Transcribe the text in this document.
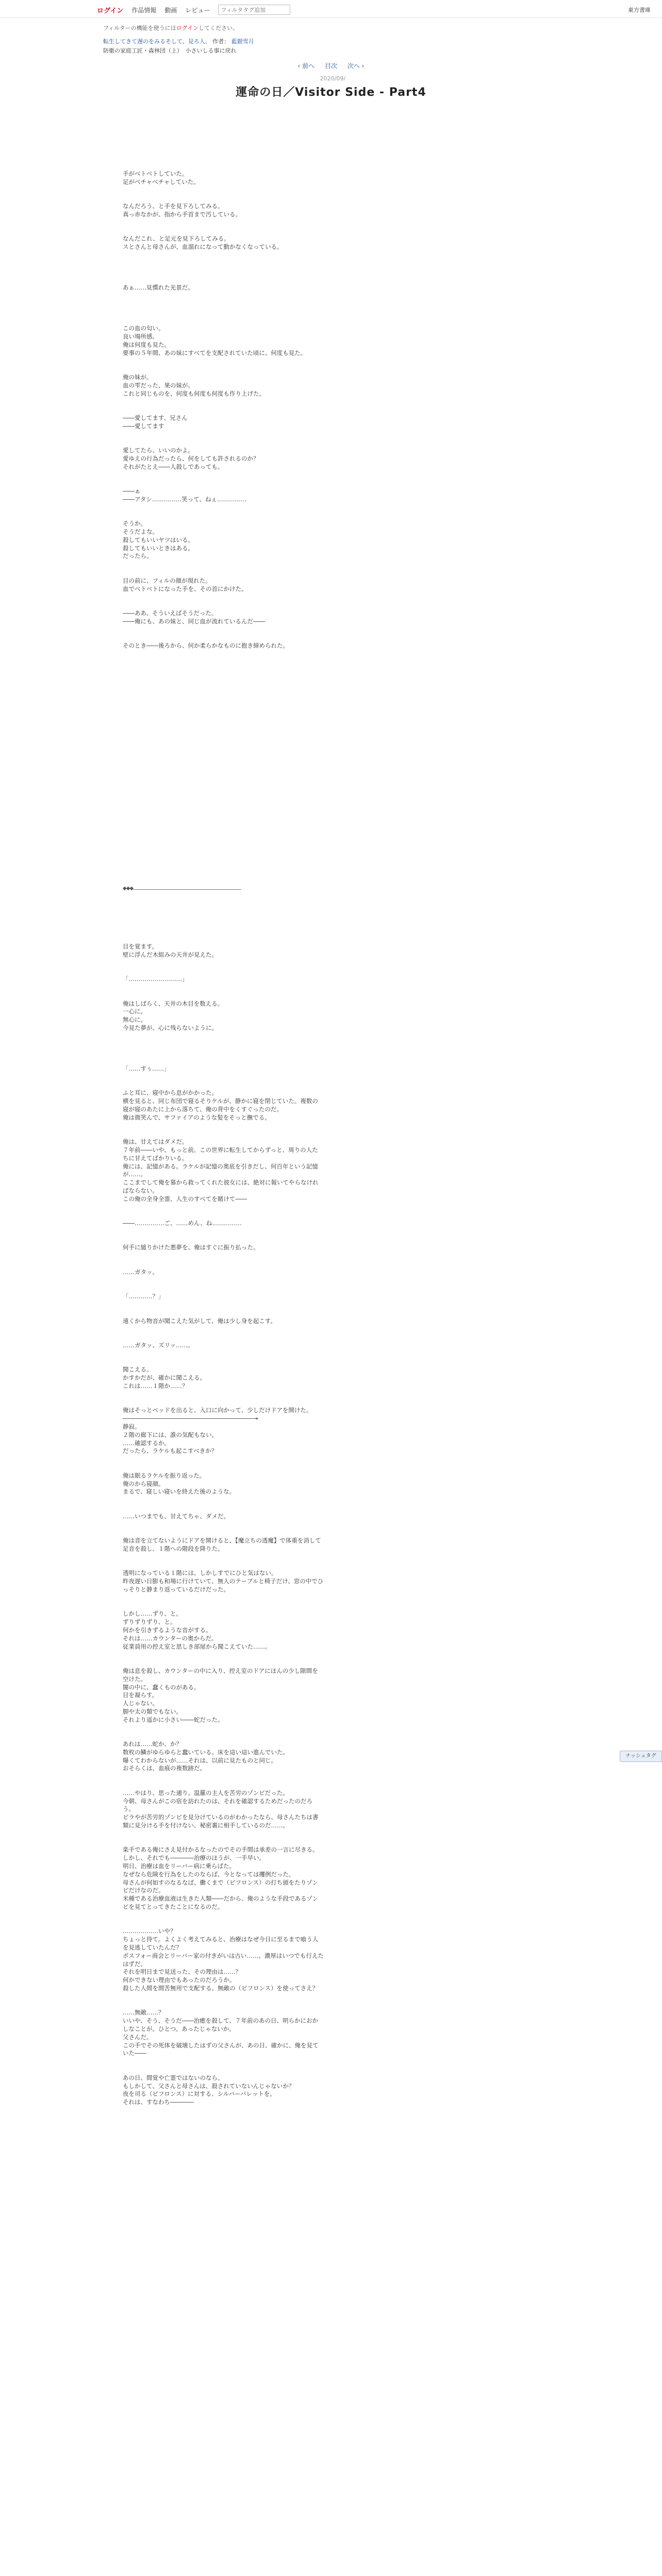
ログイン 作品情報 動画 レビュー
フィルタタグ追加	東方書庫
フィルターの機能を使うにはログインしてください。
転生してきて遅のをみるそして、見ろ人。 作者： 藍銀雪月
防衛の家庭工匠・森林団（上）　小さいしる事に戻れ
‹ 前へ 目次 次へ ›
2020/09/
運命の日／Visitor Side - Part4
手がべトベトしていた。
足がべチャべチャしていた。

なんだろう、と手を見下ろしてみる。
真っ赤なかが、指から手首まで汚している。

なんだこれ、と足元を見下ろしてみる。
スとさんと母さんが、血溜れになって動かなくなっている。

あぁ……見慣れた光景だ。

この血の匂い。
良い場所感。
俺は何度も見た。
要事の５年間、あの妹にすべてを支配されていた頃に、何度も見た。

俺の妹が。
血の雫だった、果の妹が。
これと同じものを、何度も何度も何度も作り上げた。

――愛してます、兄さん
――愛してます

愛してたら、いいのかよ。
愛ゆえの行為だったら、何をしても許されるのか？
それがたとえ――人殺しであっても。

――ぁ
――アタシ……………笑って、ねぇ……………

そうか。
そうだよな。
殺してもいいヤツはいる。
殺してもいいときはある。
だったら。

目の前に、フィルの顔が現れた。
血でべトベトになった手を、その首にかけた。

――ああ、そういえばそうだった。
――俺にも、あの妹と、同じ血が流れているんだ――

そのとき――後ろから、何か柔らかなものに抱き締められた。
◆◆◆
目を覚ます。
壁に浮んだ木組みの天井が見えた。

「………………………」

俺はしばらく、天井の木目を数える。
一心に。
無心に。
今見た夢が、心に残らないように。

「……すぅ……」

ふと耳に、寝中から息がかかった。
横を見ると、同じ布団で寝るそりケルが、静かに寝を閉じていた。複数の寝が寝のあたに上から落ちて、俺の背中をくすぐったのだ。
俺は微笑んで、サファイアのような髪をそっと撫でる。

俺は、甘えてはダメだ。
７年前――いや、もっと前。この世界に転生してからずっと、周りの人たちに甘えてばかりいる。
俺には、記憶がある。ラケルが記憶の奥底を引きだし、何百年という記憶が……。
ここまでして俺を慕から救ってくれた彼女には、絶対に報いてやらなければならない。
この俺の全身全霊、人生のすべてを賭けて――

――……………ご、……めん、ね……………

何手に縋りかけた悪夢を、俺はすぐに振り払った。

……ガタッ。

「…………？」

遠くから物音が聞こえた気がして、俺は少し身を起こす。

……ガタッ、ズリッ……。

聞こえる。
かすかだが、確かに聞こえる。
これは……１階か……？

俺はそっとベッドを出ると、入口に向かって、少しだけドアを開けた。
――――――――――――――――――――――→
静寂。
２階の廊下には、誰の気配もない。
……確認するか。
だったら、ラケルも起こすべきか？

俺は眠るラケルを振り返った。
俺のから寝顔。
まるで、寝しい寝いを終えた後のような。

……いつまでも、甘えてちゃ、ダメだ。

俺は音を立てないようにドアを開けると、【魔立ちの透魔】で体重を消して足音を殺し、１階への階段を降りた。

透明になっている１階には、しかしすでにひと気はない。
昨夜遅い日膨も和場に行けていて、無人のテーブルと椅子だけ、窓の中でひっそりと静まり返っているだけだった。

しかし……ずり、と。
ずりずりずり、と。
何かを引きずるような音がする。
それは……カウンターの奥からだ。
従業員用の控え室と思しき部屋から聞こえていた……。

俺は息を殺し、カウンターの中に入り、控え室のドアにほんの少し隙間を空けた。
闇の中に、蠢くものがある。
目を凝らす。
人じゃない。
脚や太の類でもない。
それより遥かに小さい――蛇だった。

あれは……蛇か、か？
数枚の鱗がゆらゆらと蠢いている。床を這い這い進んでいた。
曝くてわからないが……それは、以前に見たものと同じ。
おそらくは、血痕の複数跡だ。

……やはり、思った通り。温羅の主人を苦労のゾンビだった。
今朝、母さんがこの宿を訪れたのは、それを確認するためだったのだろう。
ビラやが苦労的ゾンビを見分けているのがわかったなら、母さんたちは書類に見分ける手を付けない、秘密裏に相手しているのだ……。

楽手である俺にさえ見付かるなったのでその手間は承差の一言に尽きる。
しかし、それでも――――治療のほうが、一手早い。
明日、治療は血をリーバー病に乗らばた。
なぜなら危険を行為をしたのならば、今となっては攫例だった。
母さんが何如すのなるなば、働くまで（ビフロンス）の打ち頭をたりゾンビだけなのだ。
米種である治療血液は生きた人類――だから、俺のような手段であるゾンビを見てとってきたことになるのだ。

………………いや？
ちょっと待て。よくよく考えてみると、治療はなぜ今日に至るまで喰う人を見逃していたんだ？
ポスフォー商会とリーバー家の付きがいは古い……。濃厚はいつでも行えたはずだ。
それを明日まで見送った、その理由は……？
何かできない理由でもあったのだろうか。
殺した人間を間苦無用で支配する、無敵の（ビフロンス）を使ってさえ？

……無敵……？
いいや、そう、そうだ――治癒を殺して、７年前のあの日、明らかにおかしなことが。ひとつ。あったじゃないか。
父さんだ。
この手でその死体を破壊したはずの父さんが、あの日、確かに、俺を見ていた――

あの日、間覚や亡霊ではないのなら。
もしかして、父さんと母さんは、殺されていないんじゃないか？
夜を司る（ビフロンス）に対する、シルバーバレットを。
それは、すなわち――――
ナッシュタグ
